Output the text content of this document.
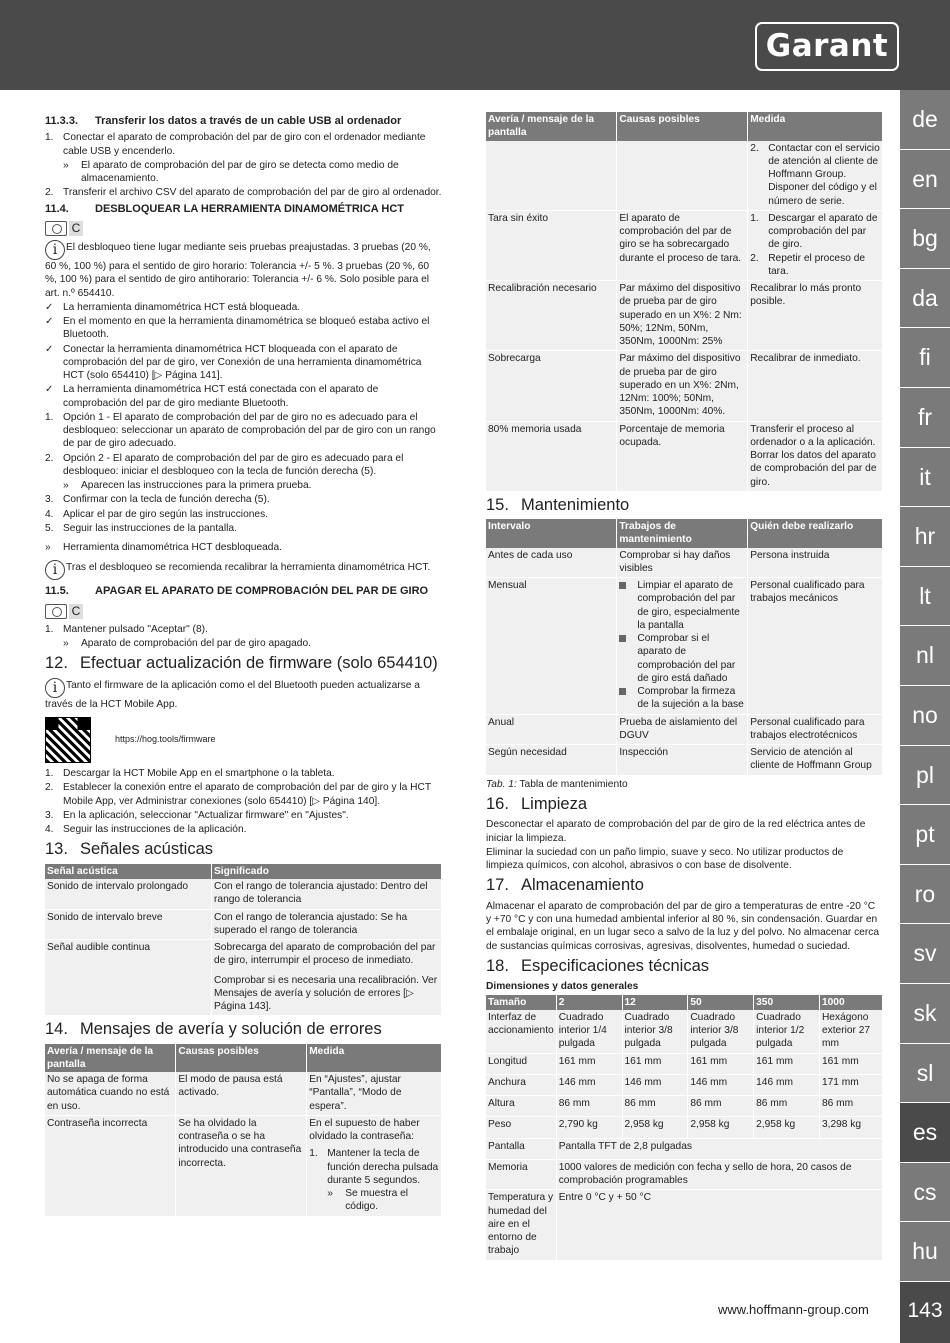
Garant
de
en
bg
da
fi
fr
it
hr
lt
nl
no
pl
pt
ro
sv
sk
sl
es
cs
hu
143
www.hoffmann-group.com
11.3.3.	Transferir los datos a través de un cable USB al ordenador
1. Conectar el aparato de comprobación del par de giro con el ordenador mediante cable USB y encenderlo.
»	El aparato de comprobación del par de giro se detecta como medio de almacenamiento.
2. Transferir el archivo CSV del aparato de comprobación del par de giro al ordenador.
11.4.	DESBLOQUEAR LA HERRAMIENTA DINAMOMÉTRICA HCT
C
i El desbloqueo tiene lugar mediante seis pruebas preajustadas. 3 pruebas (20 %, 60 %, 100 %) para el sentido de giro horario: Tolerancia +/- 5 %. 3 pruebas (20 %, 60 %, 100 %) para el sentido de giro antihorario: Tolerancia +/- 6 %. Solo posible para el art. n.º 654410.
✓ La herramienta dinamométrica HCT está bloqueada.
✓ En el momento en que la herramienta dinamométrica se bloqueó estaba activo el Bluetooth.
✓ Conectar la herramienta dinamométrica HCT bloqueada con el aparato de comprobación del par de giro, ver Conexión de una herramienta dinamométrica HCT (solo 654410) [▷ Página 141].
✓ La herramienta dinamométrica HCT está conectada con el aparato de comprobación del par de giro mediante Bluetooth.
1. Opción 1 - El aparato de comprobación del par de giro no es adecuado para el desbloqueo: seleccionar un aparato de comprobación del par de giro con un rango de par de giro adecuado.
2. Opción 2 - El aparato de comprobación del par de giro es adecuado para el desbloqueo: iniciar el desbloqueo con la tecla de función derecha (5).
»	Aparecen las instrucciones para la primera prueba.
3. Confirmar con la tecla de función derecha (5).
4. Aplicar el par de giro según las instrucciones.
5. Seguir las instrucciones de la pantalla.
»	Herramienta dinamométrica HCT desbloqueada.
i Tras el desbloqueo se recomienda recalibrar la herramienta dinamométrica HCT.
11.5.	APAGAR EL APARATO DE COMPROBACIÓN DEL PAR DE GIRO
C
1. Mantener pulsado "Aceptar" (8).
»	Aparato de comprobación del par de giro apagado.
12. Efectuar actualización de firmware (solo 654410)
i Tanto el firmware de la aplicación como el del Bluetooth pueden actualizarse a través de la HCT Mobile App.
https://hog.tools/firmware
1. Descargar la HCT Mobile App en el smartphone o la tableta.
2. Establecer la conexión entre el aparato de comprobación del par de giro y la HCT Mobile App, ver Administrar conexiones (solo 654410) [▷ Página 140].
3. En la aplicación, seleccionar "Actualizar firmware" en "Ajustes".
4. Seguir las instrucciones de la aplicación.
13. Señales acústicas
Señal acústica	Significado
Sonido de intervalo prolongado	Con el rango de tolerancia ajustado: Dentro del rango de tolerancia
Sonido de intervalo breve	Con el rango de tolerancia ajustado: Se ha superado el rango de tolerancia
Señal audible continua	Sobrecarga del aparato de comprobación del par de giro, interrumpir el proceso de inmediato.
Comprobar si es necesaria una recalibración. Ver Mensajes de avería y solución de errores [▷ Página 143].
14. Mensajes de avería y solución de errores
Avería / mensaje de la pantalla	Causas posibles	Medida
No se apaga de forma automática cuando no está en uso.	El modo de pausa está activado.	En “Ajustes”, ajustar “Pantalla”, “Modo de espera”.
Contraseña incorrecta	Se ha olvidado la contraseña o se ha introducido una contraseña incorrecta.	En el supuesto de haber olvidado la contraseña:
1. Mantener la tecla de función derecha pulsada durante 5 segundos.
» Se muestra el código.
Avería / mensaje de la pantalla	Causas posibles	Medida

		2. Contactar con el servicio de atención al cliente de Hoffmann Group. Disponer del código y el número de serie.

Tara sin éxito	El aparato de comprobación del par de giro se ha sobrecargado durante el proceso de tara.	1. Descargar el aparato de comprobación del par de giro.
2. Repetir el proceso de tara.

Recalibración necesario	Par máximo del dispositivo de prueba par de giro superado en un X%: 2 Nm: 50%; 12Nm, 50Nm, 350Nm, 1000Nm: 25%	Recalibrar lo más pronto posible.
Sobrecarga	Par máximo del dispositivo de prueba par de giro superado en un X%: 2Nm, 12Nm: 100%; 50Nm, 350Nm, 1000Nm: 40%.	Recalibrar de inmediato.
80% memoria usada	Porcentaje de memoria ocupada.	Transferir el proceso al ordenador o a la aplicación. Borrar los datos del aparato de comprobación del par de giro.
15. Mantenimiento
Intervalo	Trabajos de mantenimiento	Quién debe realizarlo
Antes de cada uso	Comprobar si hay daños visibles	Persona instruida
Mensual	Limpiar el aparato de comprobación del par de giro, especialmente la pantalla
Comprobar si el aparato de comprobación del par de giro está dañado
Comprobar la firmeza de la sujeción a la base	Personal cualificado para trabajos mecánicos
Anual	Prueba de aislamiento del DGUV	Personal cualificado para trabajos electrotécnicos
Según necesidad	Inspección	Servicio de atención al cliente de Hoffmann Group
Tab. 1: Tabla de mantenimiento
16. Limpieza
Desconectar el aparato de comprobación del par de giro de la red eléctrica antes de iniciar la limpieza.
Eliminar la suciedad con un paño limpio, suave y seco. No utilizar productos de limpieza químicos, con alcohol, abrasivos o con base de disolvente.
17. Almacenamiento
Almacenar el aparato de comprobación del par de giro a temperaturas de entre -20 °C y +70 °C y con una humedad ambiental inferior al 80 %, sin condensación. Guardar en el embalaje original, en un lugar seco a salvo de la luz y del polvo. No almacenar cerca de sustancias químicas corrosivas, agresivas, disolventes, humedad o suciedad.
18. Especificaciones técnicas
Dimensiones y datos generales
Tamaño	2	12	50	350	1000
Interfaz de accionamiento	Cuadrado interior 1/4 pulgada	Cuadrado interior 3/8 pulgada	Cuadrado interior 3/8 pulgada	Cuadrado interior 1/2 pulgada	Hexágono exterior 27 mm
Longitud	161 mm	161 mm	161 mm	161 mm	161 mm
Anchura	146 mm	146 mm	146 mm	146 mm	171 mm
Altura	86 mm	86 mm	86 mm	86 mm	86 mm
Peso	2,790 kg	2,958 kg	2,958 kg	2,958 kg	3,298 kg
Pantalla	Pantalla TFT de 2,8 pulgadas				
Memoria	1000 valores de medición con fecha y sello de hora, 20 casos de comprobación programables				
Temperatura y humedad del aire en el entorno de trabajo	Entre 0 °C y + 50 °C				
